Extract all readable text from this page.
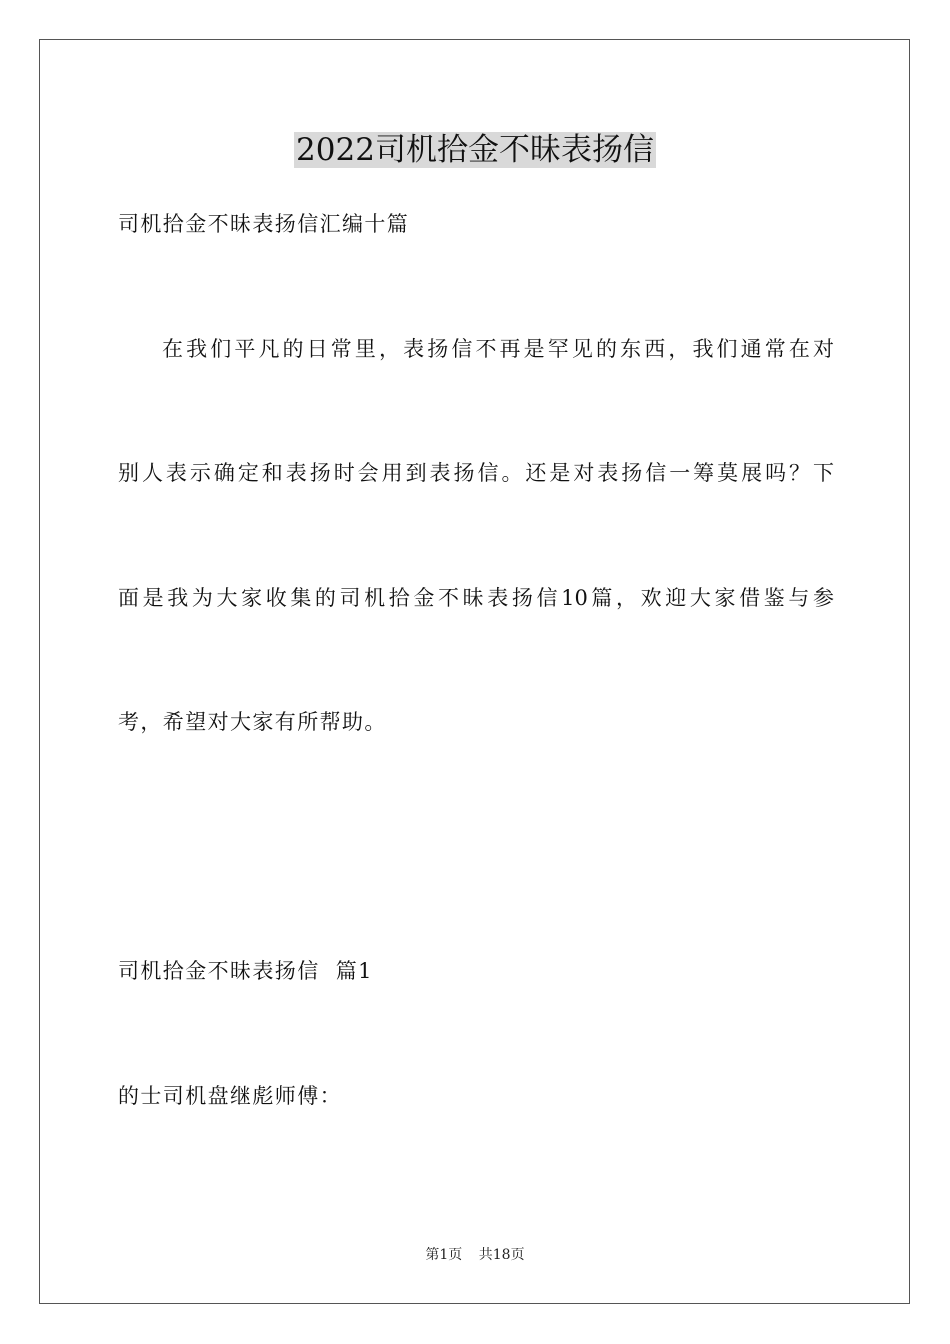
2022司机拾金不昧表扬信
司机拾金不昧表扬信汇编十篇
在我们平凡的日常里，表扬信不再是罕见的东西，我们通常在对
别人表示确定和表扬时会用到表扬信。还是对表扬信一筹莫展吗？下
面是我为大家收集的司机拾金不昧表扬信10篇，欢迎大家借鉴与参
考，希望对大家有所帮助。
司机拾金不昧表扬信  篇1
的士司机盘继彪师傅：
第1页 共18页
